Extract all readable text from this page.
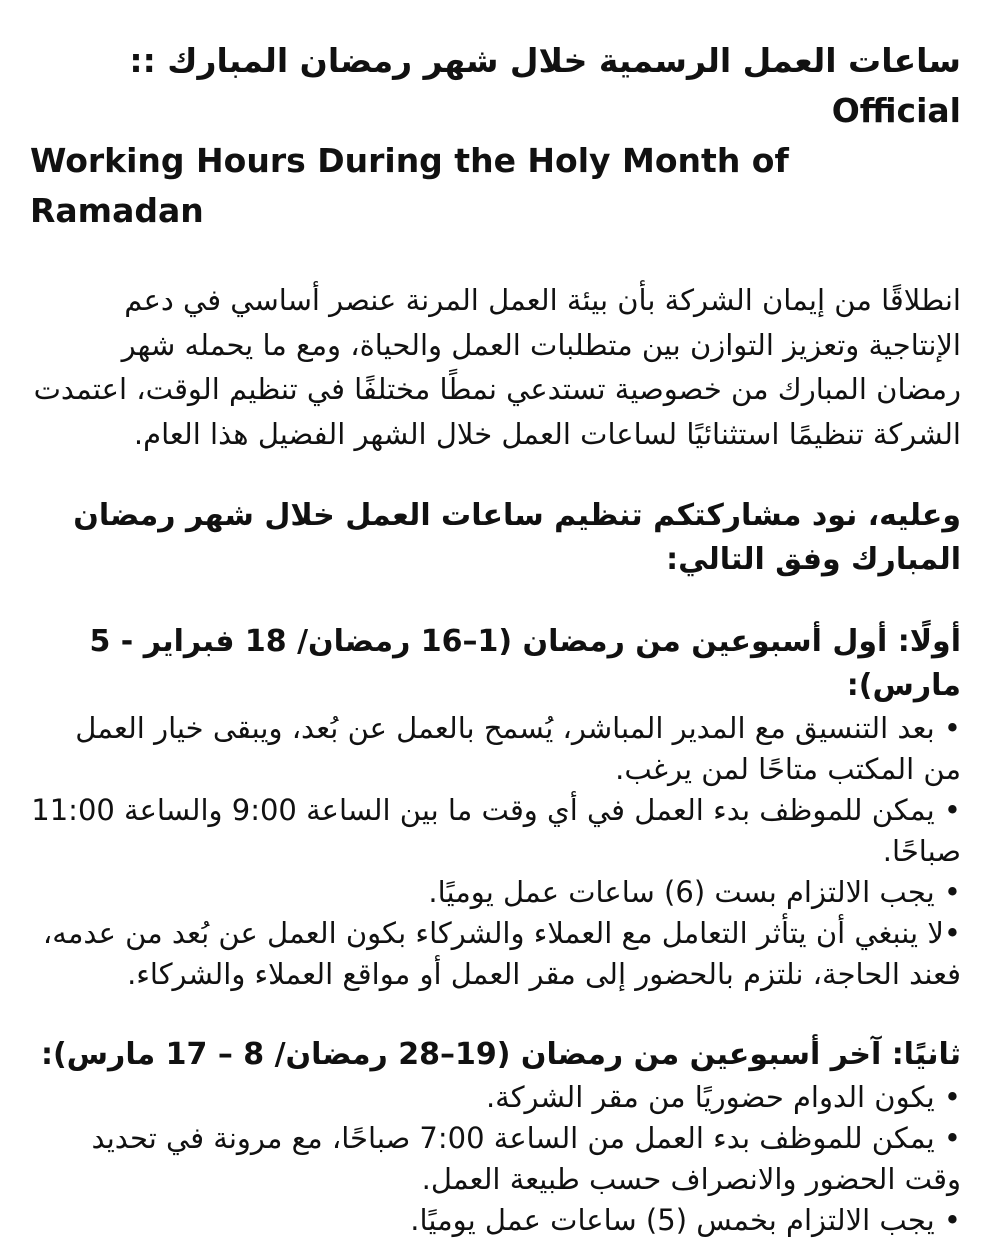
ساعات العمل الرسمية خلال شهر رمضان المبارك :: Official
Working Hours During the Holy Month of Ramadan

انطلاقًا من إيمان الشركة بأن بيئة العمل المرنة عنصر أساسي في دعم الإنتاجية وتعزيز التوازن بين متطلبات العمل والحياة، ومع ما يحمله شهر رمضان المبارك من خصوصية تستدعي نمطًا مختلفًا في تنظيم الوقت، اعتمدت الشركة تنظيمًا استثنائيًا لساعات العمل خلال الشهر الفضيل هذا العام.

وعليه، نود مشاركتكم تنظيم ساعات العمل خلال شهر رمضان المبارك وفق التالي:

أولًا: أول أسبوعين من رمضان (1–16 رمضان/ 18 فبراير - 5 مارس):
• بعد التنسيق مع المدير المباشر، يُسمح بالعمل عن بُعد، ويبقى خيار العمل من المكتب متاحًا لمن يرغب.
• يمكن للموظف بدء العمل في أي وقت ما بين الساعة 9:00 والساعة 11:00 صباحًا.
• يجب الالتزام بست (6) ساعات عمل يوميًا.
•لا ينبغي أن يتأثر التعامل مع العملاء والشركاء بكون العمل عن بُعد من عدمه، فعند الحاجة، نلتزم بالحضور إلى مقر العمل أو مواقع العملاء والشركاء.
ثانيًا: آخر أسبوعين من رمضان (19–28 رمضان/ 8 – 17 مارس):
• يكون الدوام حضوريًا من مقر الشركة.
• يمكن للموظف بدء العمل من الساعة 7:00 صباحًا، مع مرونة في تحديد وقت الحضور والانصراف حسب طبيعة العمل.
• يجب الالتزام بخمس (5) ساعات عمل يوميًا.
